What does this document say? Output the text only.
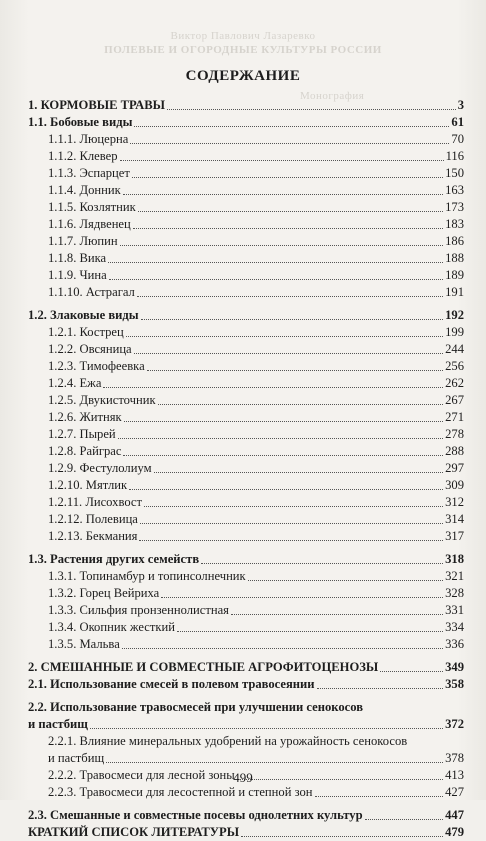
Виктор Павлович Лазаревко
ПОЛЕВЫЕ И ОГОРОДНЫЕ КУЛЬТУРЫ РОССИИ
Монография
СОДЕРЖАНИЕ
1. КОРМОВЫЕ ТРАВЫ	3
1.1. Бобовые виды	61
1.1.1. Люцерна	70
1.1.2. Клевер	116
1.1.3. Эспарцет	150
1.1.4. Донник	163
1.1.5. Козлятник	173
1.1.6. Лядвенец	183
1.1.7. Люпин	186
1.1.8. Вика	188
1.1.9. Чина	189
1.1.10. Астрагал	191
1.2. Злаковые виды	192
1.2.1. Кострец	199
1.2.2. Овсяница	244
1.2.3. Тимофеевка	256
1.2.4. Ежа	262
1.2.5. Двукисточник	267
1.2.6. Житняк	271
1.2.7. Пырей	278
1.2.8. Райграс	288
1.2.9. Фестулолиум	297
1.2.10. Мятлик	309
1.2.11. Лисохвост	312
1.2.12. Полевица	314
1.2.13. Бекмания	317
1.3. Растения других семейств	318
1.3.1. Топинамбур и топинсолнечник	321
1.3.2. Горец Вейриха	328
1.3.3. Сильфия пронзеннолистная	331
1.3.4. Окопник жесткий	334
1.3.5. Мальва	336
2. СМЕШАННЫЕ И СОВМЕСТНЫЕ АГРОФИТОЦЕНОЗЫ	349
2.1. Использование смесей в полевом травосеянии	358
2.2. Использование травосмесей при улучшении сенокосов
и пастбищ	372
2.2.1. Влияние минеральных удобрений на урожайность сенокосов
и пастбищ	378
2.2.2. Травосмеси для лесной зоны	413
2.2.3. Травосмеси для лесостепной и степной зон	427
2.3. Смешанные и совместные посевы однолетних культур	447
КРАТКИЙ СПИСОК ЛИТЕРАТУРЫ	479
499
